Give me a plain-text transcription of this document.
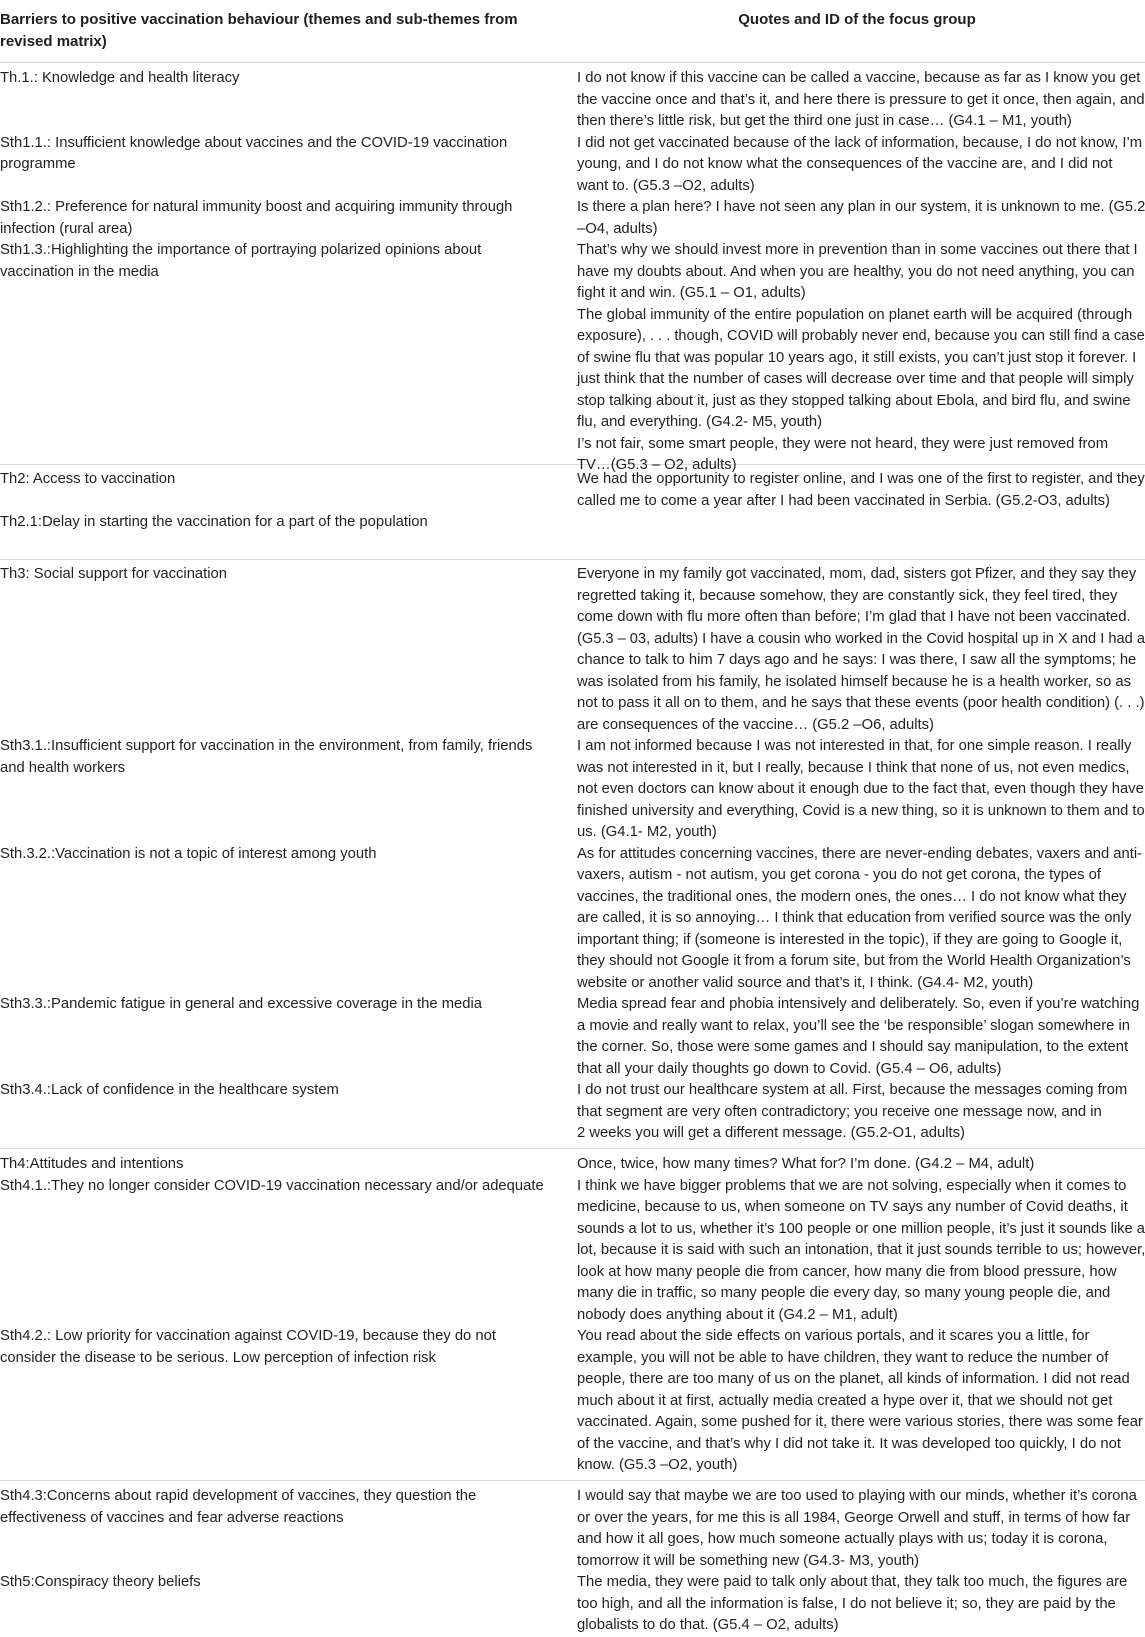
Barriers to positive vaccination behaviour (themes and sub-themes from
revised matrix)
Quotes and ID of the focus group
Th.1.: Knowledge and health literacy

Sth1.1.: Insufficient knowledge about vaccines and the COVID-19 vaccination
programme

Sth1.2.: Preference for natural immunity boost and acquiring immunity through
infection (rural area)
Sth1.3.:Highlighting the importance of portraying polarized opinions about
vaccination in the media
I do not know if this vaccine can be called a vaccine, because as far as I know you get
the vaccine once and that’s it, and here there is pressure to get it once, then again, and
then there’s little risk, but get the third one just in case… (G4.1 – M1, youth)
I did not get vaccinated because of the lack of information, because, I do not know, I’m
young, and I do not know what the consequences of the vaccine are, and I did not
want to. (G5.3 –O2, adults)
Is there a plan here? I have not seen any plan in our system, it is unknown to me. (G5.2
–O4, adults)
That’s why we should invest more in prevention than in some vaccines out there that I
have my doubts about. And when you are healthy, you do not need anything, you can
fight it and win. (G5.1 – O1, adults)
The global immunity of the entire population on planet earth will be acquired (through
exposure), . . . though, COVID will probably never end, because you can still find a case
of swine flu that was popular 10 years ago, it still exists, you can’t just stop it forever. I
just think that the number of cases will decrease over time and that people will simply
stop talking about it, just as they stopped talking about Ebola, and bird flu, and swine
flu, and everything. (G4.2- M5, youth)
I’s not fair, some smart people, they were not heard, they were just removed from
TV…(G5.3 – O2, adults)
Th2: Access to vaccination

Th2.1:Delay in starting the vaccination for a part of the population
We had the opportunity to register online, and I was one of the first to register, and they
called me to come a year after I had been vaccinated in Serbia. (G5.2-O3, adults)
Th3: Social support for vaccination

Sth3.1.:Insufficient support for vaccination in the environment, from family, friends
and health workers

Sth.3.2.:Vaccination is not a topic of interest among youth

Sth3.3.:Pandemic fatigue in general and excessive coverage in the media

Sth3.4.:Lack of confidence in the healthcare system
Everyone in my family got vaccinated, mom, dad, sisters got Pfizer, and they say they
regretted taking it, because somehow, they are constantly sick, they feel tired, they
come down with flu more often than before; I’m glad that I have not been vaccinated.
(G5.3 – 03, adults) I have a cousin who worked in the Covid hospital up in X and I had a
chance to talk to him 7 days ago and he says: I was there, I saw all the symptoms; he
was isolated from his family, he isolated himself because he is a health worker, so as
not to pass it all on to them, and he says that these events (poor health condition) (. . .)
are consequences of the vaccine… (G5.2 –O6, adults)
I am not informed because I was not interested in that, for one simple reason. I really
was not interested in it, but I really, because I think that none of us, not even medics,
not even doctors can know about it enough due to the fact that, even though they have
finished university and everything, Covid is a new thing, so it is unknown to them and to
us. (G4.1- M2, youth)
As for attitudes concerning vaccines, there are never-ending debates, vaxers and anti-
vaxers, autism - not autism, you get corona - you do not get corona, the types of
vaccines, the traditional ones, the modern ones, the ones… I do not know what they
are called, it is so annoying… I think that education from verified source was the only
important thing; if (someone is interested in the topic), if they are going to Google it,
they should not Google it from a forum site, but from the World Health Organization’s
website or another valid source and that’s it, I think. (G4.4- M2, youth)
Media spread fear and phobia intensively and deliberately. So, even if you’re watching
a movie and really want to relax, you’ll see the ‘be responsible’ slogan somewhere in
the corner. So, those were some games and I should say manipulation, to the extent
that all your daily thoughts go down to Covid. (G5.4 – O6, adults)
I do not trust our healthcare system at all. First, because the messages coming from
that segment are very often contradictory; you receive one message now, and in
2 weeks you will get a different message. (G5.2-O1, adults)
Th4:Attitudes and intentions
Sth4.1.:They no longer consider COVID-19 vaccination necessary and/or adequate

Sth4.2.: Low priority for vaccination against COVID-19, because they do not
consider the disease to be serious. Low perception of infection risk
Once, twice, how many times? What for? I’m done. (G4.2 – M4, adult)
I think we have bigger problems that we are not solving, especially when it comes to
medicine, because to us, when someone on TV says any number of Covid deaths, it
sounds a lot to us, whether it’s 100 people or one million people, it’s just it sounds like a
lot, because it is said with such an intonation, that it just sounds terrible to us; however,
look at how many people die from cancer, how many die from blood pressure, how
many die in traffic, so many people die every day, so many young people die, and
nobody does anything about it (G4.2 – M1, adult)
You read about the side effects on various portals, and it scares you a little, for
example, you will not be able to have children, they want to reduce the number of
people, there are too many of us on the planet, all kinds of information. I did not read
much about it at first, actually media created a hype over it, that we should not get
vaccinated. Again, some pushed for it, there were various stories, there was some fear
of the vaccine, and that’s why I did not take it. It was developed too quickly, I do not
know. (G5.3 –O2, youth)
Sth4.3:Concerns about rapid development of vaccines, they question the
effectiveness of vaccines and fear adverse reactions

Sth5:Conspiracy theory beliefs
I would say that maybe we are too used to playing with our minds, whether it’s corona
or over the years, for me this is all 1984, George Orwell and stuff, in terms of how far
and how it all goes, how much someone actually plays with us; today it is corona,
tomorrow it will be something new (G4.3- M3, youth)
The media, they were paid to talk only about that, they talk too much, the figures are
too high, and all the information is false, I do not believe it; so, they are paid by the
globalists to do that. (G5.4 – O2, adults)
